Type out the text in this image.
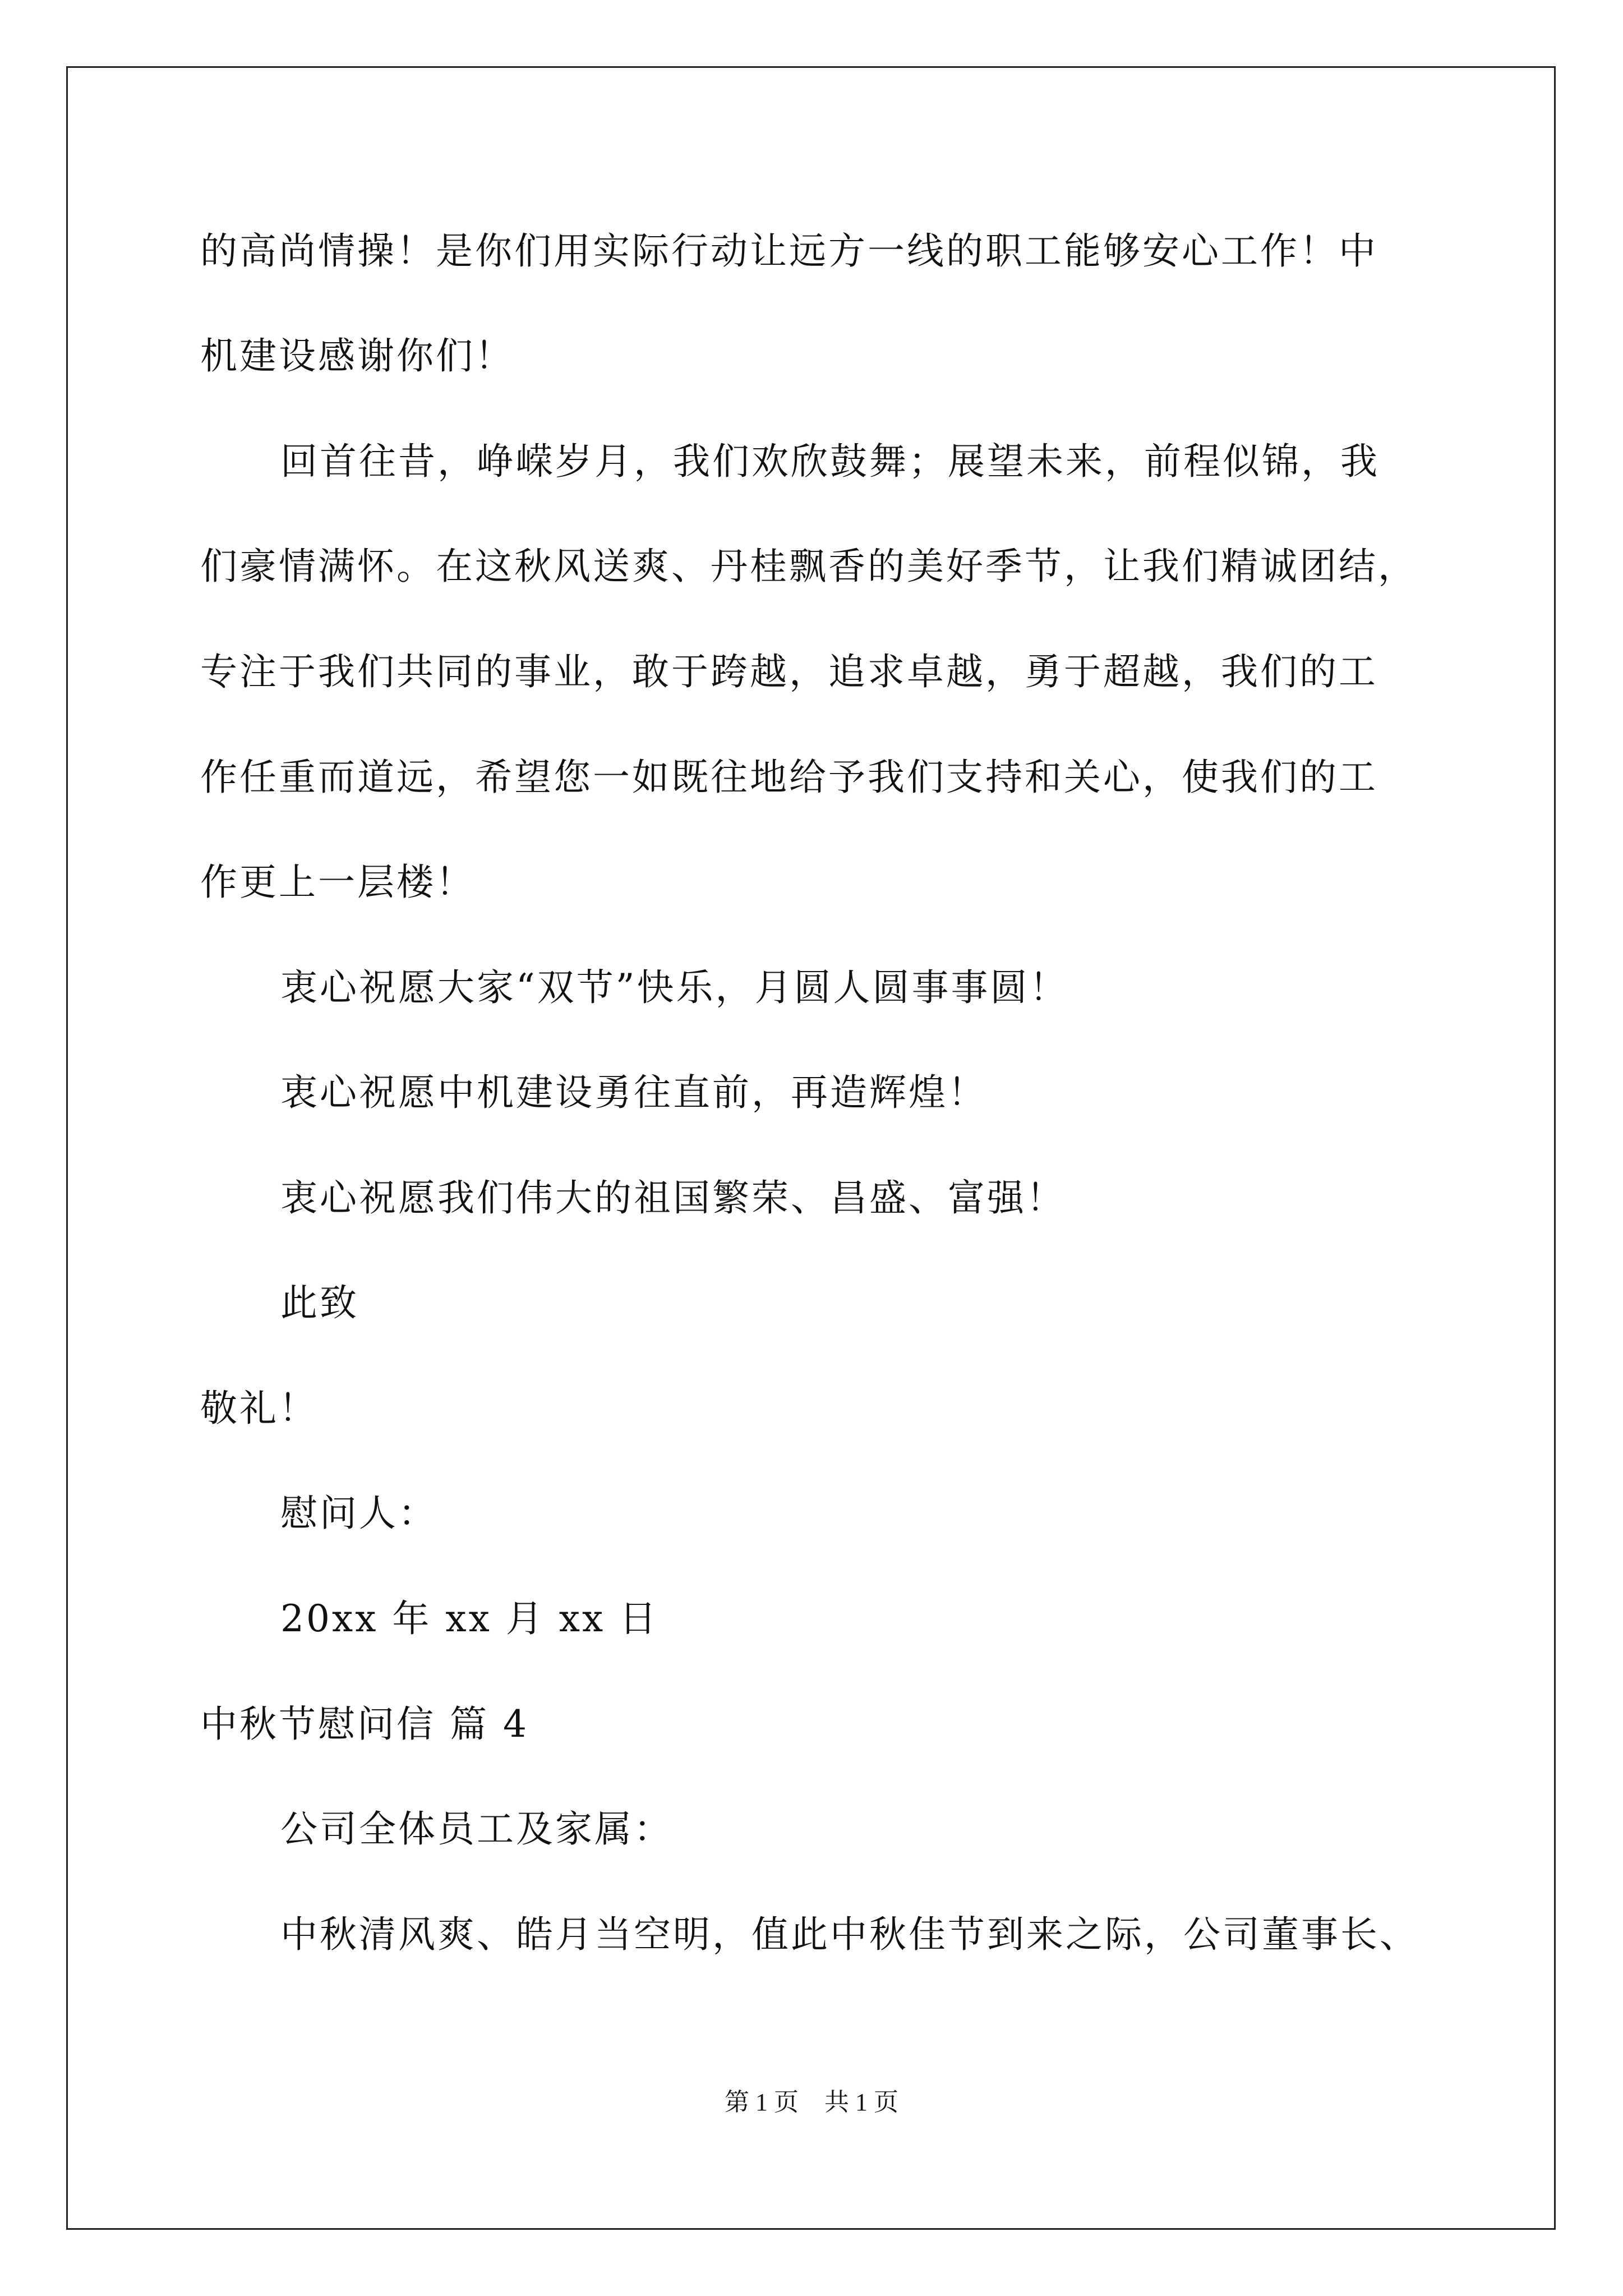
的高尚情操！是你们用实际行动让远方一线的职工能够安心工作！中
机建设感谢你们！
回首往昔，峥嵘岁月，我们欢欣鼓舞；展望未来，前程似锦，我
们豪情满怀。在这秋风送爽、丹桂飘香的美好季节，让我们精诚团结，
专注于我们共同的事业，敢于跨越，追求卓越，勇于超越，我们的工
作任重而道远，希望您一如既往地给予我们支持和关心，使我们的工
作更上一层楼！
衷心祝愿大家“双节”快乐，月圆人圆事事圆！
衷心祝愿中机建设勇往直前，再造辉煌！
衷心祝愿我们伟大的祖国繁荣、昌盛、富强！
此致
敬礼！
慰问人：
20xx 年 xx 月 xx 日
中秋节慰问信 篇 4
公司全体员工及家属：
中秋清风爽、皓月当空明，值此中秋佳节到来之际，公司董事长、
第 1 页 共 1 页
